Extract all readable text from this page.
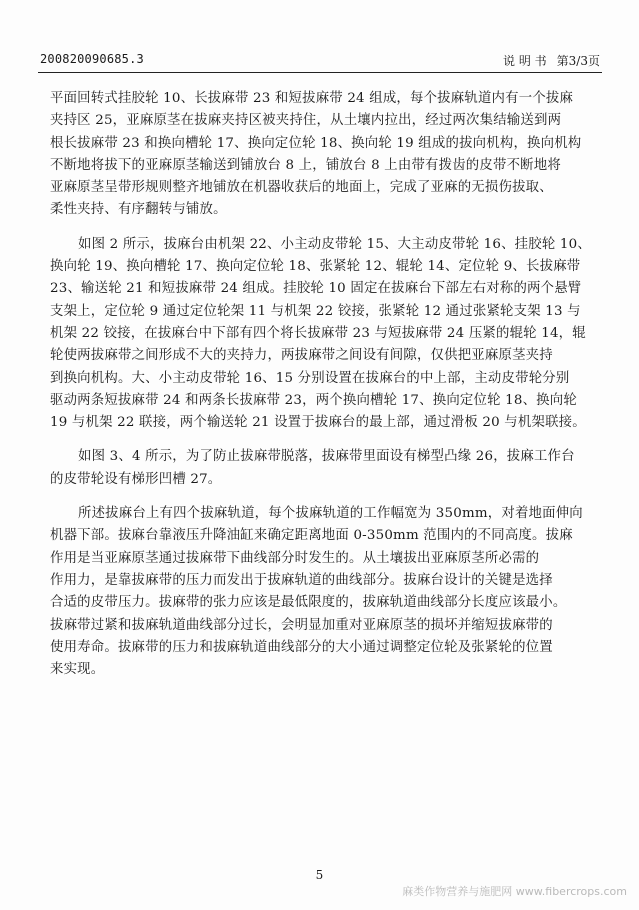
200820090685.3	说 明 书 第3/3页
平面回转式挂胶轮 10、长拔麻带 23 和短拔麻带 24 组成，每个拔麻轨道内有一个拔麻
夹持区 25，亚麻原茎在拔麻夹持区被夹持住，从土壤内拉出，经过两次集结输送到两
根长拔麻带 23 和换向槽轮 17、换向定位轮 18、换向轮 19 组成的拔向机构，换向机构
不断地将拔下的亚麻原茎输送到铺放台 8 上，铺放台 8 上由带有拨齿的皮带不断地将
亚麻原茎呈带形规则整齐地铺放在机器收获后的地面上，完成了亚麻的无损伤拔取、
柔性夹持、有序翻转与铺放。
如图 2 所示，拔麻台由机架 22、小主动皮带轮 15、大主动皮带轮 16、挂胶轮 10、
换向轮 19、换向槽轮 17、换向定位轮 18、张紧轮 12、辊轮 14、定位轮 9、长拔麻带
23、输送轮 21 和短拔麻带 24 组成。挂胶轮 10 固定在拔麻台下部左右对称的两个悬臂
支架上，定位轮 9 通过定位轮架 11 与机架 22 铰接，张紧轮 12 通过张紧轮支架 13 与
机架 22 铰接，在拔麻台中下部有四个将长拔麻带 23 与短拔麻带 24 压紧的辊轮 14，辊
轮使两拔麻带之间形成不大的夹持力，两拔麻带之间设有间隙，仅供把亚麻原茎夹持
到换向机构。大、小主动皮带轮 16、15 分别设置在拔麻台的中上部，主动皮带轮分别
驱动两条短拔麻带 24 和两条长拔麻带 23，两个换向槽轮 17、换向定位轮 18、换向轮
19 与机架 22 联接，两个输送轮 21 设置于拔麻台的最上部，通过滑板 20 与机架联接。
如图 3、4 所示，为了防止拔麻带脱落，拔麻带里面设有梯型凸缘 26，拔麻工作台
的皮带轮设有梯形凹槽 27。
所述拔麻台上有四个拔麻轨道，每个拔麻轨道的工作幅宽为 350mm，对着地面伸向
机器下部。拔麻台靠液压升降油缸来确定距离地面 0-350mm 范围内的不同高度。拔麻
作用是当亚麻原茎通过拔麻带下曲线部分时发生的。从土壤拔出亚麻原茎所必需的
作用力，是靠拔麻带的压力而发出于拔麻轨道的曲线部分。拔麻台设计的关键是选择
合适的皮带压力。拔麻带的张力应该是最低限度的，拔麻轨道曲线部分长度应该最小。
拔麻带过紧和拔麻轨道曲线部分过长，会明显加重对亚麻原茎的损坏并缩短拔麻带的
使用寿命。拔麻带的压力和拔麻轨道曲线部分的大小通过调整定位轮及张紧轮的位置
来实现。
5
麻类作物营养与施肥网 www.fibercrops.com
